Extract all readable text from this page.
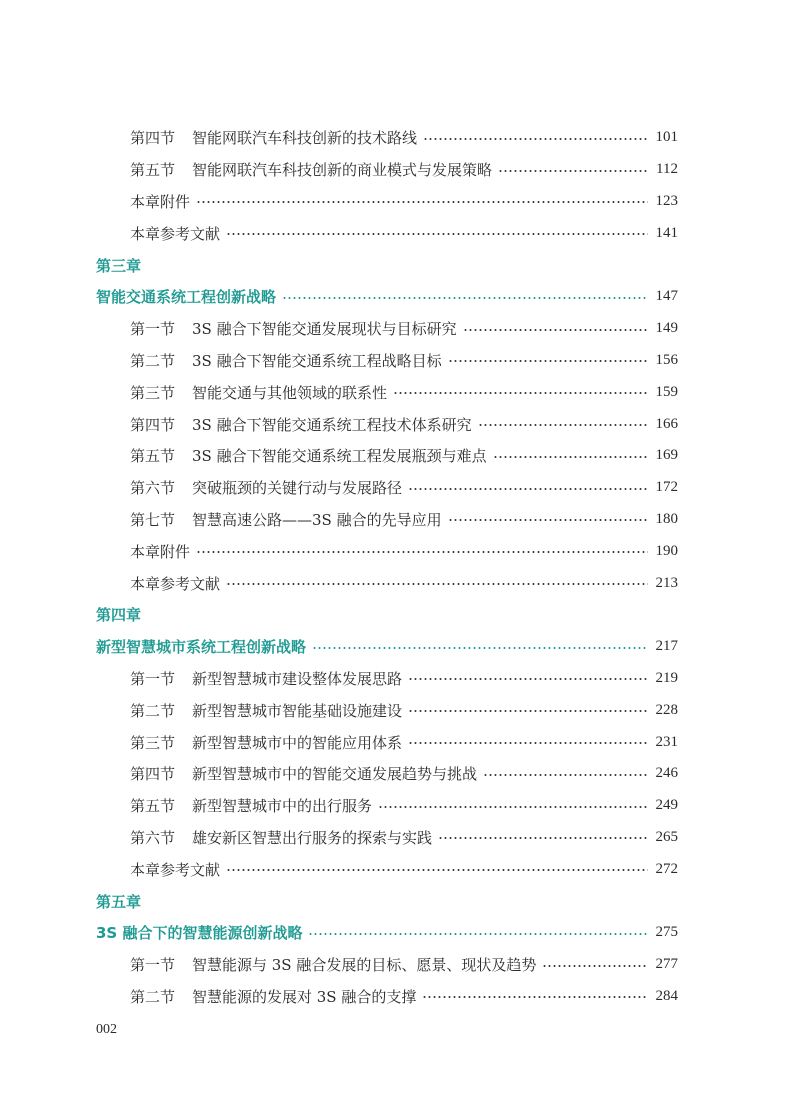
第四节	智能网联汽车科技创新的技术路线	101
第五节	智能网联汽车科技创新的商业模式与发展策略	112
本章附件	123
本章参考文献	141
第三章
智能交通系统工程创新战略	147
第一节	3S 融合下智能交通发展现状与目标研究	149
第二节	3S 融合下智能交通系统工程战略目标	156
第三节	智能交通与其他领域的联系性	159
第四节	3S 融合下智能交通系统工程技术体系研究	166
第五节	3S 融合下智能交通系统工程发展瓶颈与难点	169
第六节	突破瓶颈的关键行动与发展路径	172
第七节	智慧高速公路——3S 融合的先导应用	180
本章附件	190
本章参考文献	213
第四章
新型智慧城市系统工程创新战略	217
第一节	新型智慧城市建设整体发展思路	219
第二节	新型智慧城市智能基础设施建设	228
第三节	新型智慧城市中的智能应用体系	231
第四节	新型智慧城市中的智能交通发展趋势与挑战	246
第五节	新型智慧城市中的出行服务	249
第六节	雄安新区智慧出行服务的探索与实践	265
本章参考文献	272
第五章
3S 融合下的智慧能源创新战略	275
第一节	智慧能源与 3S 融合发展的目标、愿景、现状及趋势	277
第二节	智慧能源的发展对 3S 融合的支撑	284
002
